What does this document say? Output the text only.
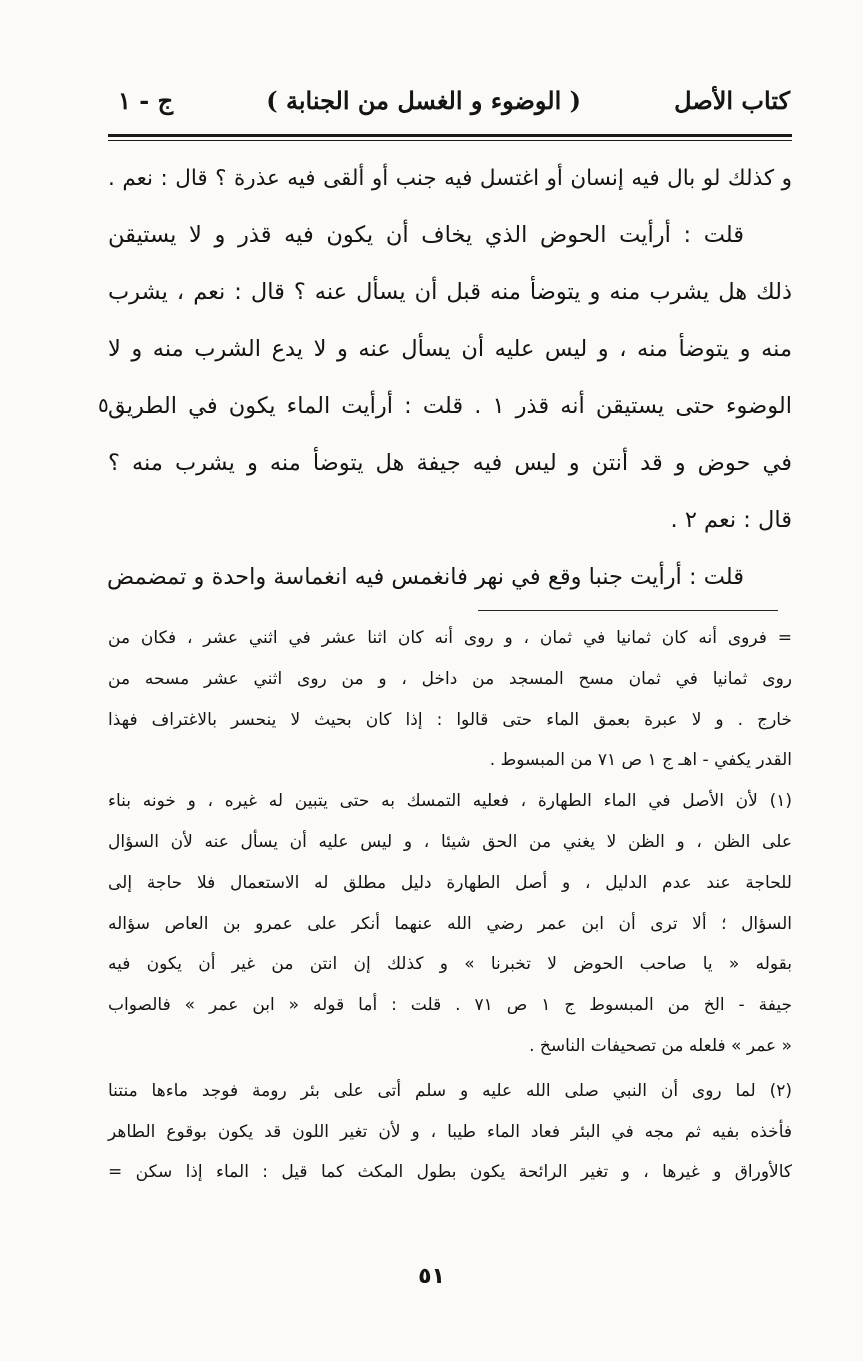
كتاب الأصل
( الوضوء و الغسل من الجنابة )
ج - ١
و كذلك لو بال فيه إنسان أو اغتسل فيه جنب أو ألقى فيه عذرة ؟ قال : نعم .
قلت : أرأيت الحوض الذي يخاف أن يكون فيه قذر و لا يستيقن
ذلك هل يشرب منه و يتوضأ منه قبل أن يسأل عنه ؟ قال : نعم ، يشرب
منه و يتوضأ منه ، و ليس عليه أن يسأل عنه و لا يدع الشرب منه و لا
الوضوء حتى يستيقن أنه قذر ١ . قلت : أرأيت الماء يكون في الطريق
في حوض و قد أنتن و ليس فيه جيفة هل يتوضأ منه و يشرب منه ؟
قال : نعم ٢ .
قلت : أرأيت جنبا وقع في نهر فانغمس فيه انغماسة واحدة و تمضمض
٥
= فروى أنه كان ثمانيا في ثمان ، و روى أنه كان اثنا عشر في اثني عشر ، فكان من
روى ثمانيا في ثمان مسح المسجد من داخل ، و من روى اثني عشر مسحه من
خارج . و لا عبرة بعمق الماء حتى قالوا : إذا كان بحيث لا ينحسر بالاغتراف فهذا
القدر يكفي - اهـ ج ١ ص ٧١ من المبسوط .
(١) لأن الأصل في الماء الطهارة ، فعليه التمسك به حتى يتبين له غيره ، و خونه بناء
على الظن ، و الظن لا يغني من الحق شيئا ، و ليس عليه أن يسأل عنه لأن السؤال
للحاجة عند عدم الدليل ، و أصل الطهارة دليل مطلق له الاستعمال فلا حاجة إلى
السؤال ؛ ألا ترى أن ابن عمر رضي الله عنهما أنكر على عمرو بن العاص سؤاله
بقوله « يا صاحب الحوض لا تخبرنا » و كذلك إن انتن من غير أن يكون فيه
جيفة - الخ من المبسوط ج ١ ص ٧١ . قلت : أما قوله « ابن عمر » فالصواب
« عمر » فلعله من تصحيفات الناسخ .
(٢) لما روى أن النبي صلى الله عليه و سلم أتى على بئر رومة فوجد ماءها منتنا
فأخذه بفيه ثم مجه في البئر فعاد الماء طيبا ، و لأن تغير اللون قد يكون بوقوع الطاهر
كالأوراق و غيرها ، و تغير الرائحة يكون بطول المكث كما قيل : الماء إذا سكن =
٥١
